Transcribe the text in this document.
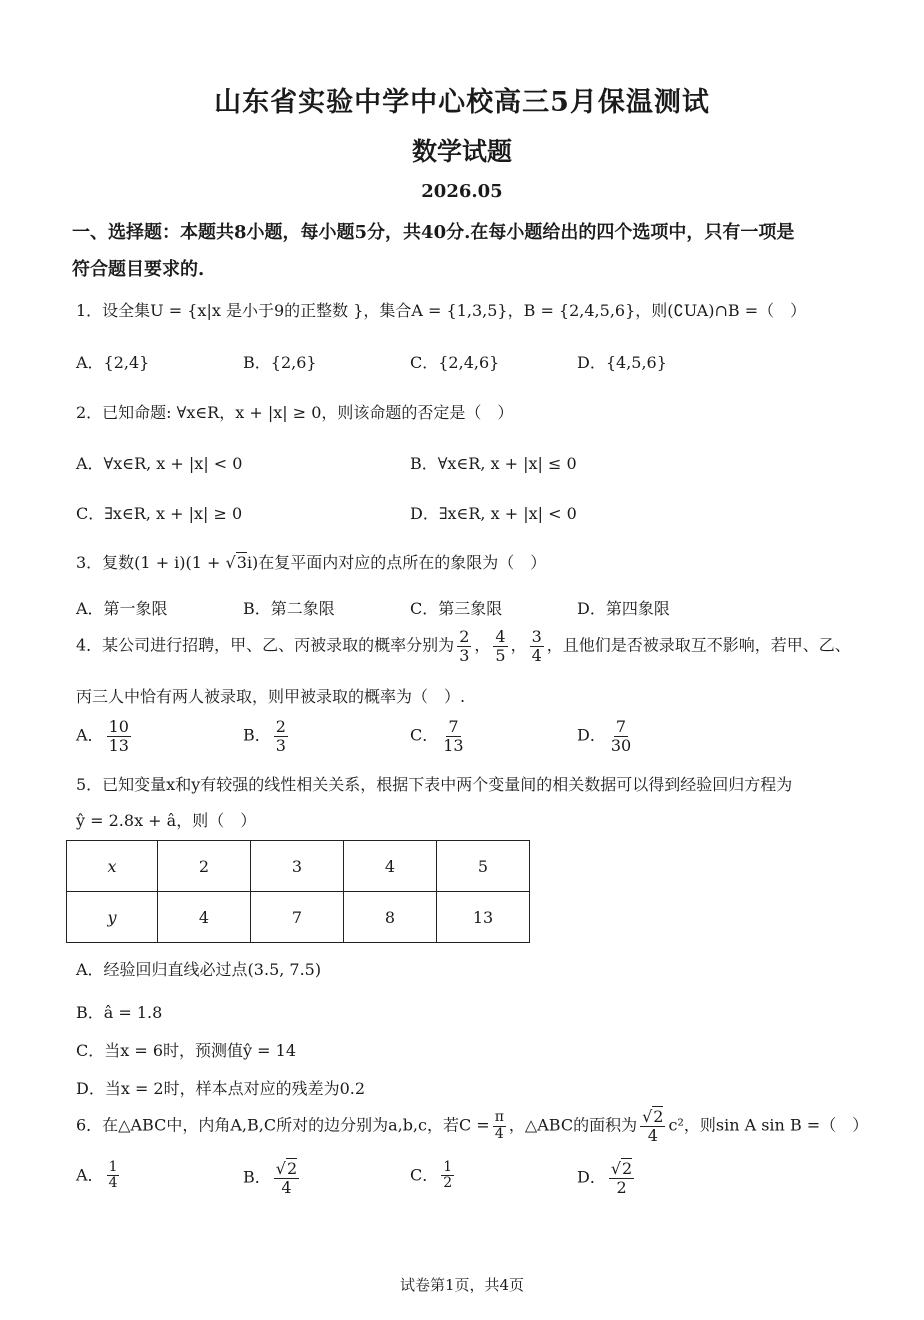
山东省实验中学中心校高三5月保温测试
数学试题
2026.05
一、选择题：本题共8小题，每小题5分，共40分.在每小题给出的四个选项中，只有一项是
符合题目要求的.
1．设全集U = {x|x 是小于9的正整数 }，集合A = {1,3,5}，B = {2,4,5,6}，则(∁UA)∩B =（　）
A．{2,4}	B．{2,6}	C．{2,4,6}	D．{4,5,6}
2．已知命题: ∀x∈R，x + |x| ≥ 0，则该命题的否定是（　）
A．∀x∈R, x + |x| < 0	B．∀x∈R, x + |x| ≤ 0
C．∃x∈R, x + |x| ≥ 0	D．∃x∈R, x + |x| < 0
3．复数(1 + i)(1 + √3i)在复平面内对应的点所在的象限为（　）
A．第一象限	B．第二象限	C．第三象限	D．第四象限
4．某公司进行招聘，甲、乙、丙被录取的概率分别为 $\frac{2}{3}$ ， $\frac{4}{5}$ ， $\frac{3}{4}$ ，且他们是否被录取互不影响，若甲、乙、
丙三人中恰有两人被录取，则甲被录取的概率为（　）.
A． $\frac{10}{13}$	B． $\frac{2}{3}$	C． $\frac{7}{13}$	D． $\frac{7}{30}$
5．已知变量x和y有较强的线性相关关系，根据下表中两个变量间的相关数据可以得到经验回归方程为
ŷ = 2.8x + â，则（　）
x	2	3	4	5
y	4	7	8	13
A．经验回归直线必过点(3.5, 7.5)
B．â = 1.8
C．当x = 6时，预测值ŷ = 14
D．当x = 2时，样本点对应的残差为0.2
6．在△ABC中，内角A,B,C所对的边分别为a,b,c，若$C = \frac{\pi}{4}$ ，△ABC的面积为 $\frac{√2}{4} c^2$，则sin A sin B =（　）
A． $\frac{1}{4}$	B． $\frac{√2}{4}$	C． $\frac{1}{2}$	D． $\frac{√2}{2}$
试卷第1页，共4页
